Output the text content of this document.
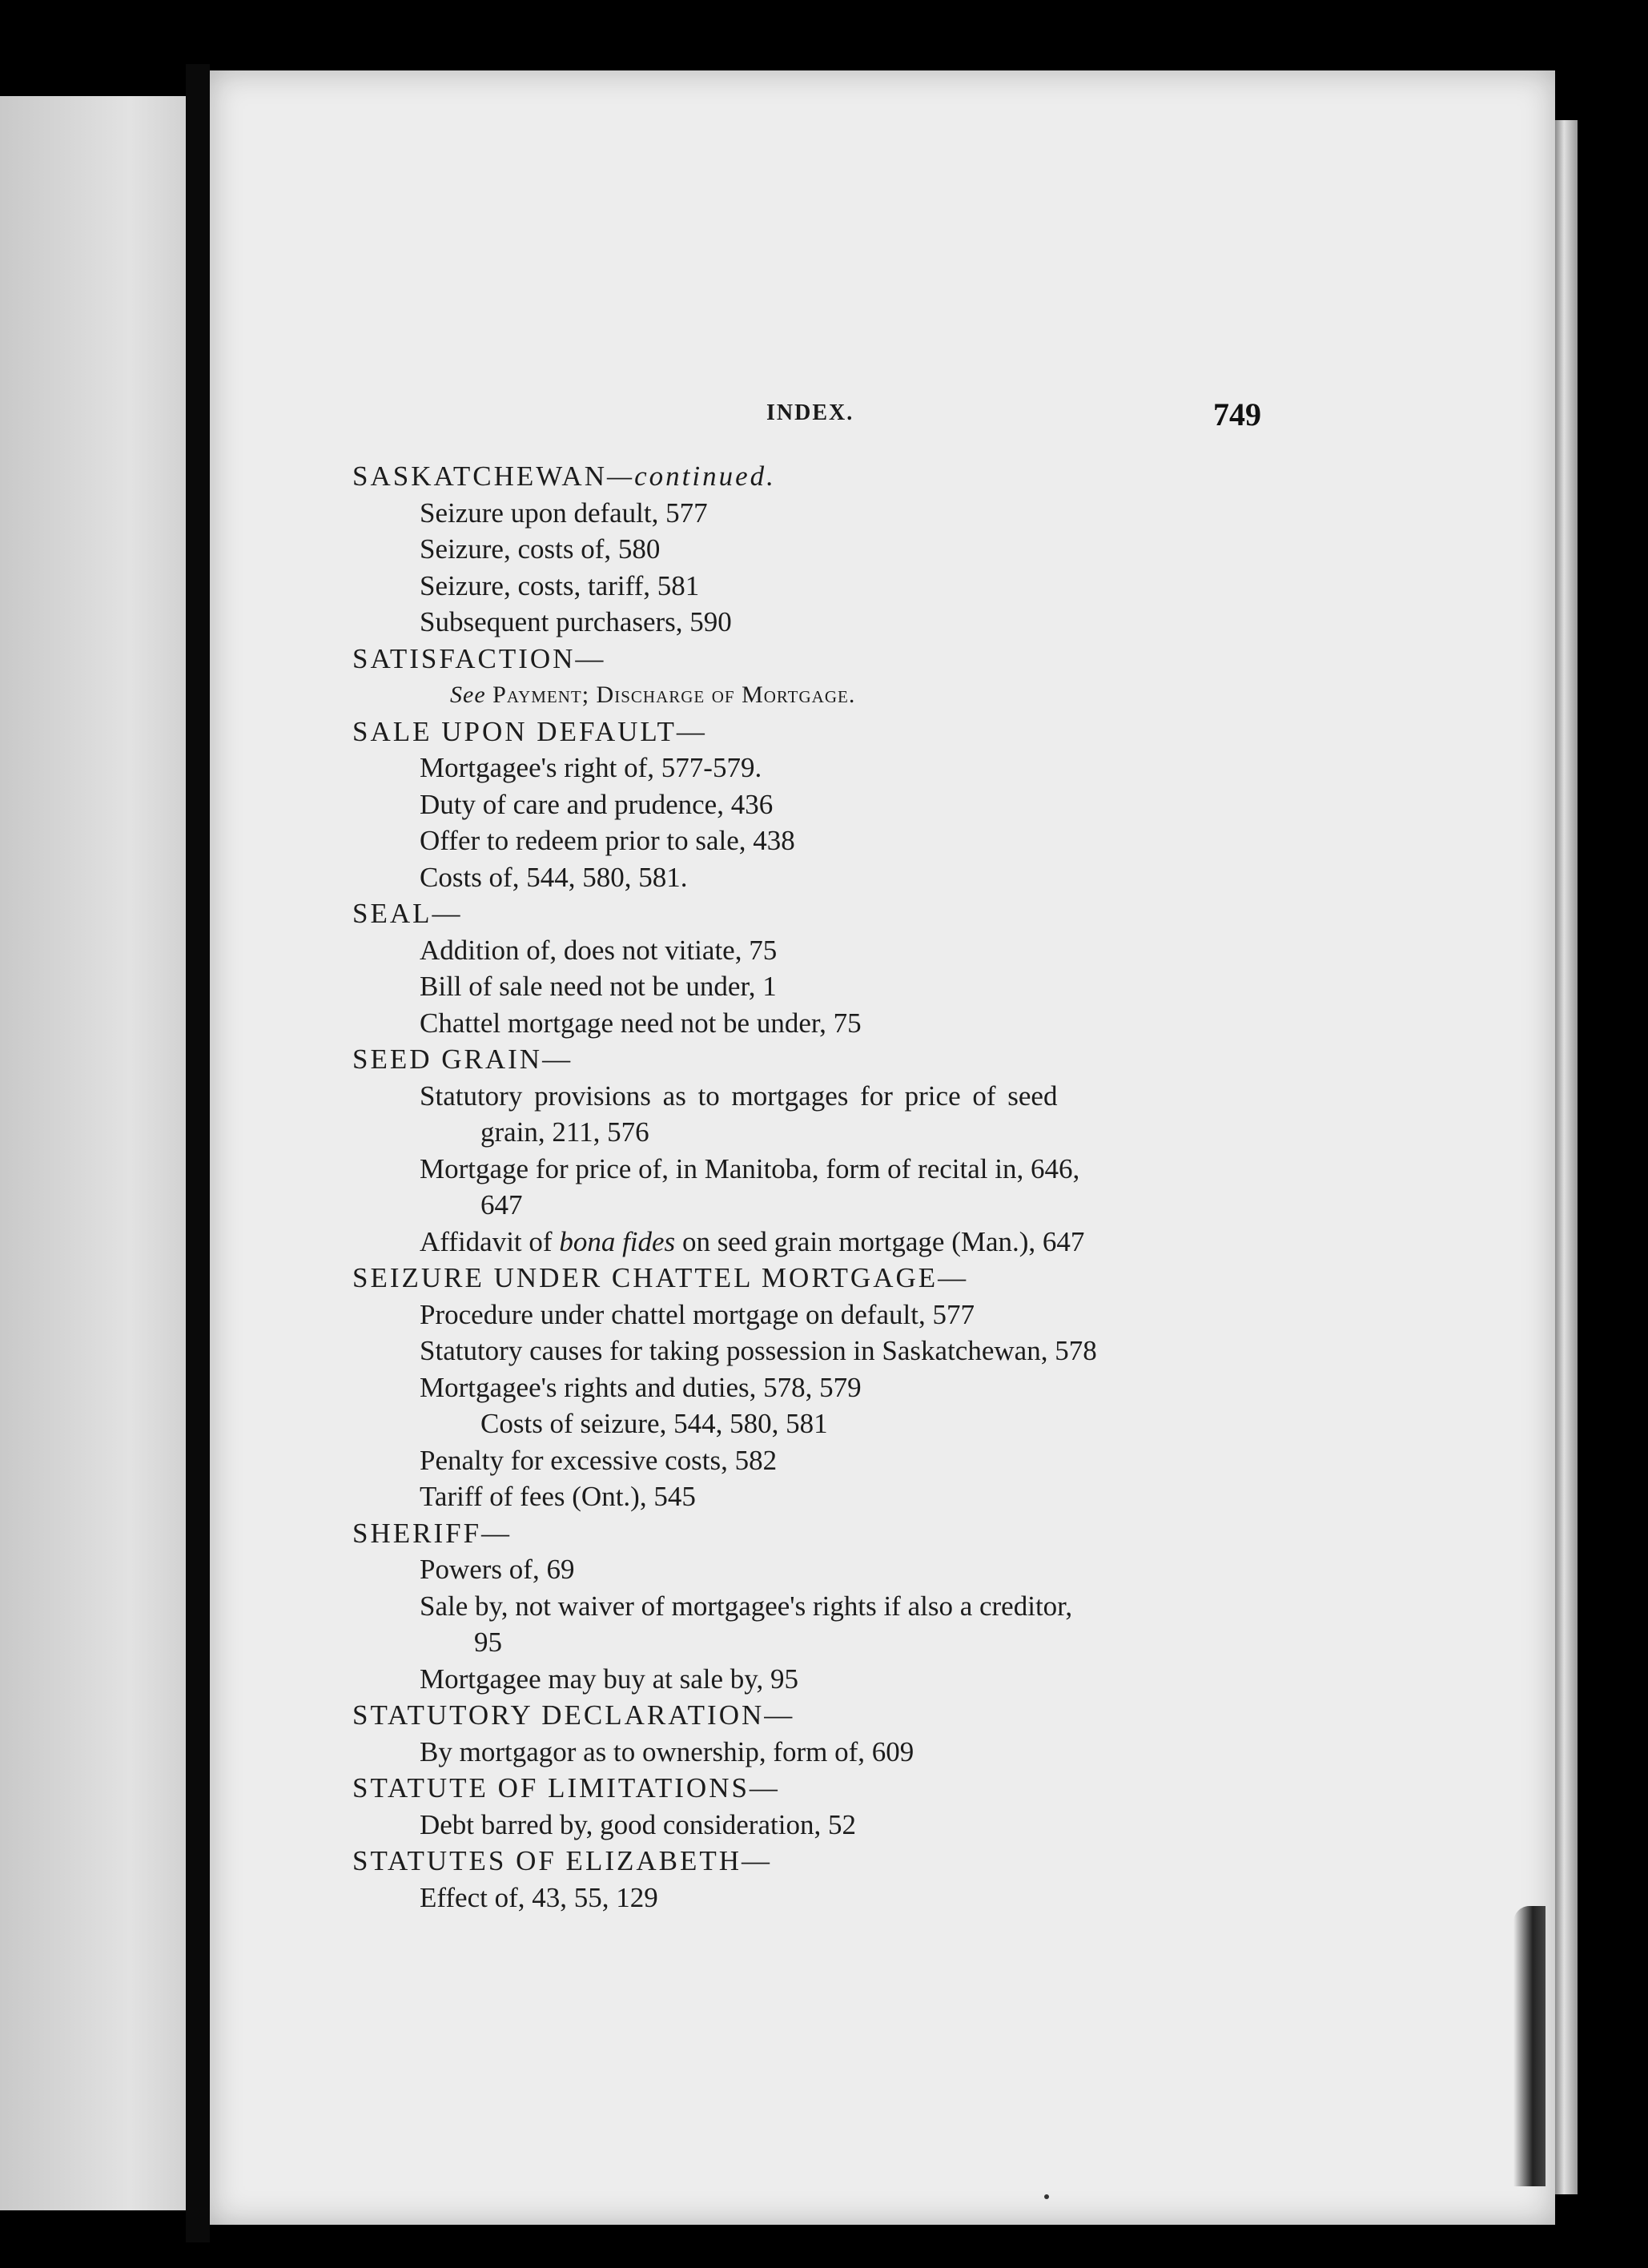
INDEX.	749
SASKATCHEWAN—continued.
Seizure upon default, 577
Seizure, costs of, 580
Seizure, costs, tariff, 581
Subsequent purchasers, 590
SATISFACTION—
See Payment; Discharge of Mortgage.
SALE UPON DEFAULT—
Mortgagee's right of, 577-579.
Duty of care and prudence, 436
Offer to redeem prior to sale, 438
Costs of, 544, 580, 581.
SEAL—
Addition of, does not vitiate, 75
Bill of sale need not be under, 1
Chattel mortgage need not be under, 75
SEED GRAIN—
Statutory provisions as to mortgages for price of seed
grain, 211, 576
Mortgage for price of, in Manitoba, form of recital in, 646,
647
Affidavit of bona fides on seed grain mortgage (Man.), 647
SEIZURE UNDER CHATTEL MORTGAGE—
Procedure under chattel mortgage on default, 577
Statutory causes for taking possession in Saskatchewan, 578
Mortgagee's rights and duties, 578, 579
Costs of seizure, 544, 580, 581
Penalty for excessive costs, 582
Tariff of fees (Ont.), 545
SHERIFF—
Powers of, 69
Sale by, not waiver of mortgagee's rights if also a creditor,
95
Mortgagee may buy at sale by, 95
STATUTORY DECLARATION—
By mortgagor as to ownership, form of, 609
STATUTE OF LIMITATIONS—
Debt barred by, good consideration, 52
STATUTES OF ELIZABETH—
Effect of, 43, 55, 129
